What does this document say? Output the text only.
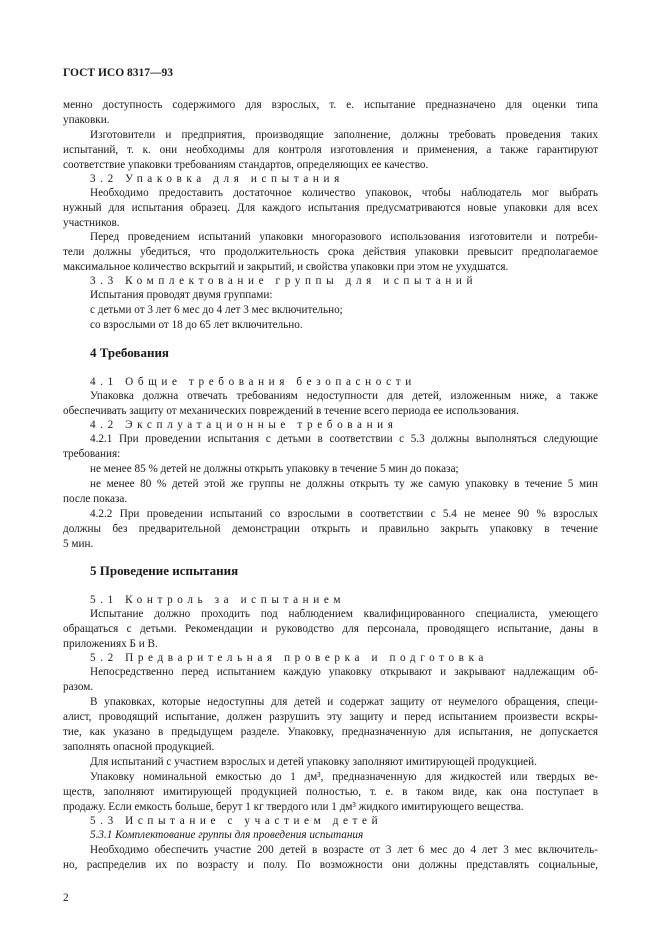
ГОСТ ИСО 8317—93

менно доступность содержимого для взрослых, т. е. испытание предназначено для оценки типа

упаковки.

Изготовители и предприятия, производящие заполнение, должны требовать проведения таких

испытаний, т. к. они необходимы для контроля изготовления и применения, а также гарантируют

соответствие упаковки требованиям стандартов, определяющих ее качество.

3.2 Упаковка для испытания

Необходимо предоставить достаточное количество упаковок, чтобы наблюдатель мог выбрать

нужный для испытания образец. Для каждого испытания предусматриваются новые упаковки для всех

участников.

Перед проведением испытаний упаковки многоразового использования изготовители и потреби-

тели должны убедиться, что продолжительность срока действия упаковки превысит предполагаемое

максимальное количество вскрытий и закрытий, и свойства упаковки при этом не ухудшатся.

3.3 Комплектование группы для испытаний

Испытания проводят двумя группами:

с детьми от 3 лет 6 мес до 4 лет 3 мес включительно;

со взрослыми от 18 до 65 лет включительно.

4 Требования

4.1 Общие требования безопасности

Упаковка должна отвечать требованиям недоступности для детей, изложенным ниже, а также

обеспечивать защиту от механических повреждений в течение всего периода ее использования.

4.2 Эксплуатационные требования

4.2.1 При проведении испытания с детьми в соответствии с 5.3 должны выполняться следующие

требования:

не менее 85 % детей не должны открыть упаковку в течение 5 мин до показа;

не менее 80 % детей этой же группы не должны открыть ту же самую упаковку в течение 5 мин

после показа.

4.2.2 При проведении испытаний со взрослыми в соответствии с 5.4 не менее 90 % взрослых

должны без предварительной демонстрации открыть и правильно закрыть упаковку в течение

5 мин.

5 Проведение испытания

5.1 Контроль за испытанием

Испытание должно проходить под наблюдением квалифицированного специалиста, умеющего

обращаться с детьми. Рекомендации и руководство для персонала, проводящего испытание, даны в

приложениях Б и В.

5.2 Предварительная проверка и подготовка

Непосредственно перед испытанием каждую упаковку открывают и закрывают надлежащим об-

разом.

В упаковках, которые недоступны для детей и содержат защиту от неумелого обращения, специ-

алист, проводящий испытание, должен разрушить эту защиту и перед испытанием произвести вскры-

тие, как указано в предыдущем разделе. Упаковку, предназначенную для испытания, не допускается

заполнять опасной продукцией.

Для испытаний с участием взрослых и детей упаковку заполняют имитирующей продукцией.

Упаковку номинальной емкостью до 1 дм³, предназначенную для жидкостей или твердых ве-

ществ, заполняют имитирующей продукцией полностью, т. е. в таком виде, как она поступает в

продажу. Если емкость больше, берут 1 кг твердого или 1 дм³ жидкого имитирующего вещества.

5.3 Испытание с участием детей

5.3.1 Комплектование группы для проведения испытания

Необходимо обеспечить участие 200 детей в возрасте от 3 лет 6 мес до 4 лет 3 мес включитель-

но, распределив их по возрасту и полу. По возможности они должны представлять социальные,

2
